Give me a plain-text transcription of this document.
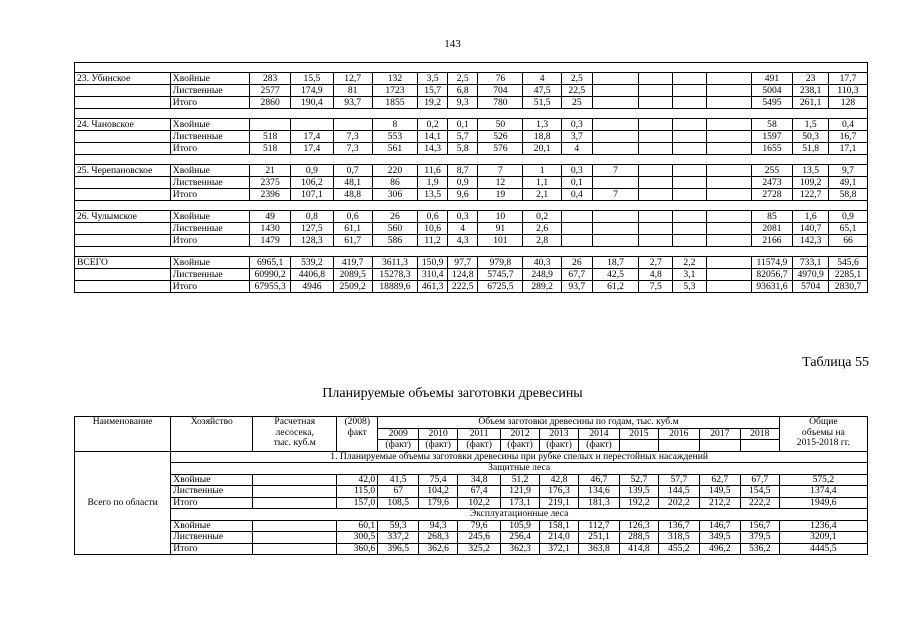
143

23. Убинское	Хвойные	283	15,5	12,7	132	3,5	2,5	76	4	2,5					491	23	17,7
	Лиственные	2577	174,9	81	1723	15,7	6,8	704	47,5	22,5					5004	238,1	110,3
	Итого	2860	190,4	93,7	1855	19,2	9,3	780	51,5	25					5495	261,1	128

24. Чановское	Хвойные				8	0,2	0,1	50	1,3	0,3					58	1,5	0,4
	Лиственные	518	17,4	7,3	553	14,1	5,7	526	18,8	3,7					1597	50,3	16,7
	Итого	518	17,4	7,3	561	14,3	5,8	576	20,1	4					1655	51,8	17,1

25. Черепановское	Хвойные	21	0,9	0,7	220	11,6	8,7	7	1	0,3	7				255	13,5	9,7
	Лиственные	2375	106,2	48,1	86	1,9	0,9	12	1,1	0,1					2473	109,2	49,1
	Итого	2396	107,1	48,8	306	13,5	9,6	19	2,1	0,4	7				2728	122,7	58,8

26. Чулымское	Хвойные	49	0,8	0,6	26	0,6	0,3	10	0,2						85	1,6	0,9
	Лиственные	1430	127,5	61,1	560	10,6	4	91	2,6						2081	140,7	65,1
	Итого	1479	128,3	61,7	586	11,2	4,3	101	2,8						2166	142,3	66

ВСЕГО	Хвойные	6965,1	539,2	419,7	3611,3	150,9	97,7	979,8	40,3	26	18,7	2,7	2,2		11574,9	733,1	545,6
	Лиственные	60990,2	4406,8	2089,5	15278,3	310,4	124,8	5745,7	248,9	67,7	42,5	4,8	3,1		82056,7	4970,9	2285,1
	Итого	67955,3	4946	2509,2	18889,6	461,3	222,5	6725,5	289,2	93,7	61,2	7,5	5,3		93631,6	5704	2830,7
Таблица 55
Планируемые объемы заготовки древесины
Наименование	Хозяйство	Расчетная
лесосека,
тыс. куб.м	(2008)
факт	Объем заготовки древесины по годам, тыс. куб.м										Общие
объемы на
2015-2018 гг.
				2009	2010	2011	2012	2013	2014	2015	2016	2017	2018	
				(факт)	(факт)	(факт)	(факт)	(факт)	(факт)					
Всего по области	1. Планируемые объемы заготовки древесины при рубке спелых и перестойных насаждений													
	Защитные леса													
	Хвойные		42,0	41,5	75,4	34,8	51,2	42,8	46,7	52,7	57,7	62,7	67,7	575,2
	Лиственные		115,0	67	104,2	67,4	121,9	176,3	134,6	139,5	144,5	149,5	154,5	1374,4
	Итого		157,0	108,5	179,6	102,2	173,1	219,1	181,3	192,2	202,2	212,2	222,2	1949,6
	Эксплуатационные леса													
	Хвойные		60,1	59,3	94,3	79,6	105,9	158,1	112,7	126,3	136,7	146,7	156,7	1236,4
	Лиственные		300,5	337,2	268,3	245,6	256,4	214,0	251,1	288,5	318,5	349,5	379,5	3209,1
	Итого		360,6	396,5	362,6	325,2	362,3	372,1	363,8	414,8	455,2	496,2	536,2	4445,5
